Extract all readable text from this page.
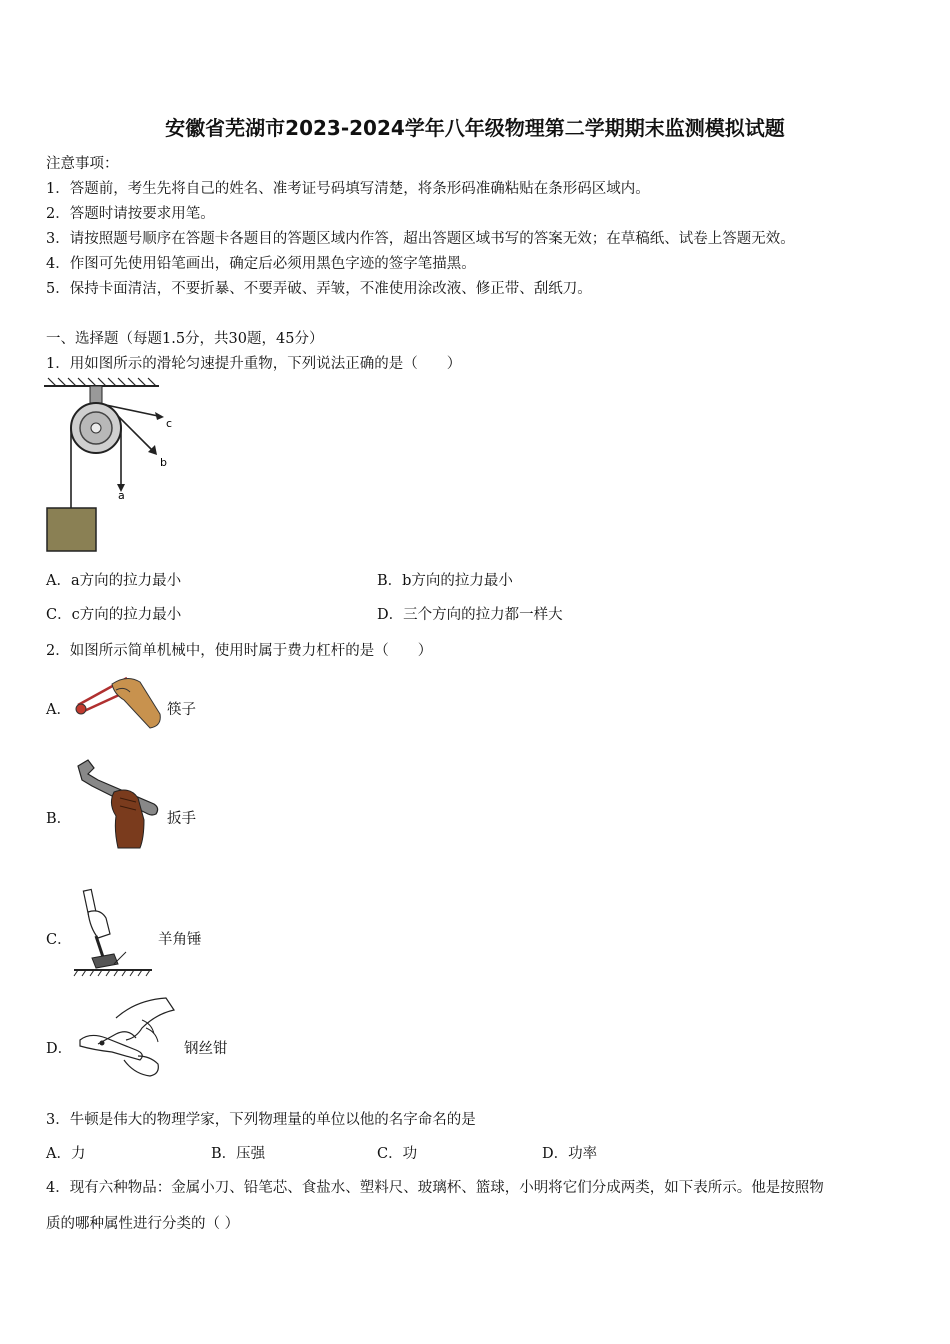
安徽省芜湖市2023-2024学年八年级物理第二学期期末监测模拟试题
注意事项：
1．答题前，考生先将自己的姓名、准考证号码填写清楚，将条形码准确粘贴在条形码区域内。
2．答题时请按要求用笔。
3．请按照题号顺序在答题卡各题目的答题区域内作答，超出答题区域书写的答案无效；在草稿纸、试卷上答题无效。
4．作图可先使用铅笔画出，确定后必须用黑色字迹的签字笔描黑。
5．保持卡面清洁，不要折暴、不要弄破、弄皱，不准使用涂改液、修正带、刮纸刀。
一、选择题（每题1.5分，共30题，45分）
1．用如图所示的滑轮匀速提升重物，下列说法正确的是（　　）
a
b
c
A．a方向的拉力最小	B．b方向的拉力最小
C．c方向的拉力最小	D．三个方向的拉力都一样大
2．如图所示简单机械中，使用时属于费力杠杆的是（　　）
A．	筷子
B．	扳手
C．	羊角锤
D．	钢丝钳
3．牛顿是伟大的物理学家，下列物理量的单位以他的名字命名的是
A．力	B．压强	C．功	D．功率
4．现有六种物品：金属小刀、铅笔芯、食盐水、塑料尺、玻璃杯、篮球，小明将它们分成两类，如下表所示。他是按照物
质的哪种属性进行分类的（ ）
